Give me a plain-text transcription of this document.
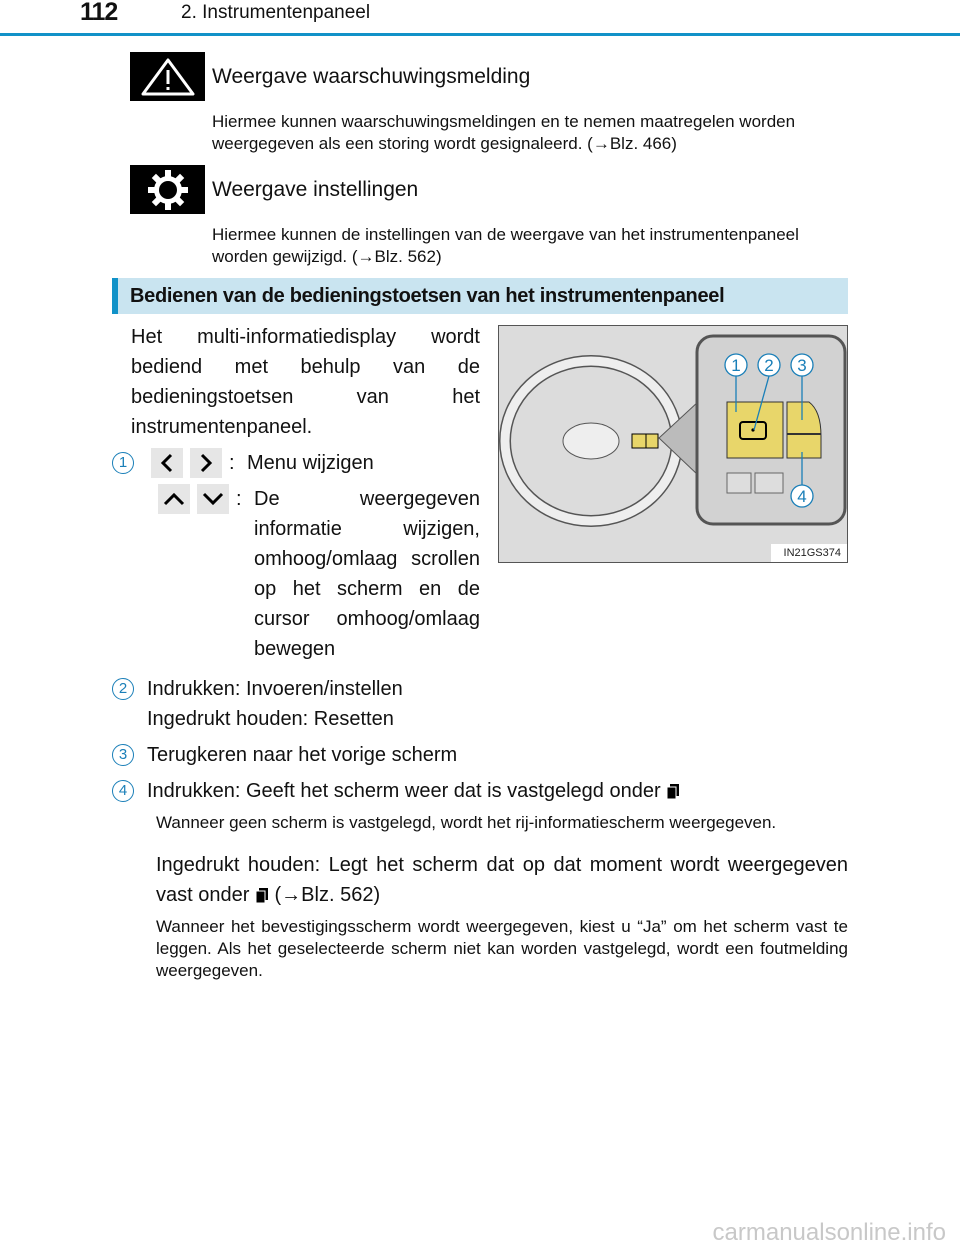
112	2. Instrumentenpaneel
Weergave waarschuwingsmelding
Hiermee kunnen waarschuwingsmeldingen en te nemen maatregelen worden weergegeven als een storing wordt gesignaleerd. (→Blz. 466)
Weergave instellingen
Hiermee kunnen de instellingen van de weergave van het instrumentenpaneel worden gewijzigd. (→Blz. 562)
Bedienen van de bedieningstoetsen van het instrumentenpaneel
Het multi-informatiedisplay wordt bediend met behulp van de bedieningstoetsen van het instrumentenpaneel.
1	: Menu wijzigen
: De weergegeven informatie wijzigen, omhoog/omlaag scrollen op het scherm en de cursor omhoog/omlaag bewegen
1 2 3
4
IN21GS374
2 Indrukken: Invoeren/instellen
Ingedrukt houden: Resetten
3 Terugkeren naar het vorige scherm
4 Indrukken: Geeft het scherm weer dat is vastgelegd onder
Wanneer geen scherm is vastgelegd, wordt het rij-informatiescherm weergegeven.
Ingedrukt houden: Legt het scherm dat op dat moment wordt weergegeven vast onder (→Blz. 562)
Wanneer het bevestigingsscherm wordt weergegeven, kiest u “Ja” om het scherm vast te leggen. Als het geselecteerde scherm niet kan worden vastgelegd, wordt een foutmelding weergegeven.
carmanualsonline.info
